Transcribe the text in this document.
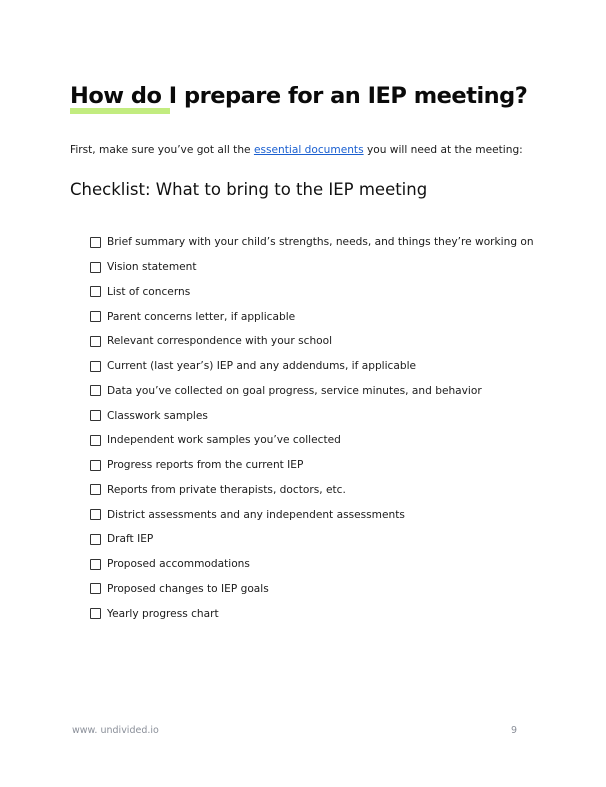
How do I prepare for an IEP meeting?

First, make sure you’ve got all the essential documents you will need at the meeting:

Checklist: What to bring to the IEP meeting
Brief summary with your child’s strengths, needs, and things they’re working on
Vision statement
List of concerns
Parent concerns letter, if applicable
Relevant correspondence with your school
Current (last year’s) IEP and any addendums, if applicable
Data you’ve collected on goal progress, service minutes, and behavior
Classwork samples
Independent work samples you’ve collected
Progress reports from the current IEP
Reports from private therapists, doctors, etc.
District assessments and any independent assessments
Draft IEP
Proposed accommodations
Proposed changes to IEP goals
Yearly progress chart
www. undivided.io	9
